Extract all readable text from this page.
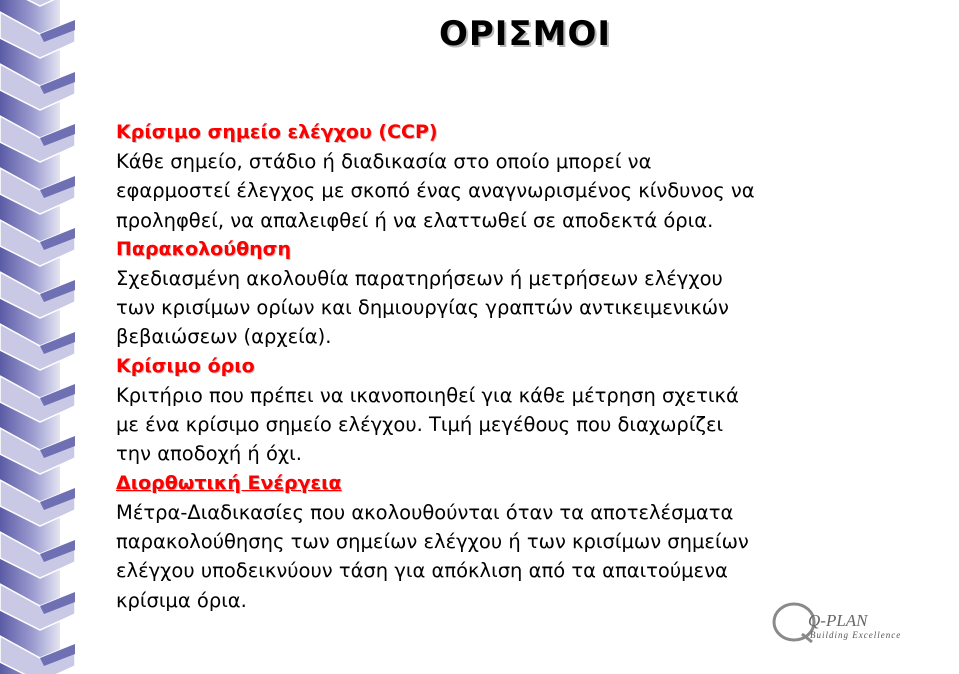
ΟΡΙΣΜΟΙ
Κρίσιμο σημείο ελέγχου (CCP)
Κάθε σημείο, στάδιο ή διαδικασία στο οποίο μπορεί να
εφαρμοστεί έλεγχος με σκοπό ένας αναγνωρισμένος κίνδυνος να
προληφθεί, να απαλειφθεί ή να ελαττωθεί σε αποδεκτά όρια.
Παρακολούθηση
Σχεδιασμένη ακολουθία παρατηρήσεων ή μετρήσεων ελέγχου
των κρισίμων ορίων και δημιουργίας γραπτών αντικειμενικών
βεβαιώσεων (αρχεία).
Κρίσιμο όριο
Κριτήριο που πρέπει να ικανοποιηθεί για κάθε μέτρηση σχετικά
με ένα κρίσιμο σημείο ελέγχου. Τιμή μεγέθους που διαχωρίζει
την αποδοχή ή όχι.
Διορθωτική Ενέργεια
Μέτρα-Διαδικασίες που ακολουθούνται όταν τα αποτελέσματα
παρακολούθησης των σημείων ελέγχου ή των κρισίμων σημείων
ελέγχου υποδεικνύουν τάση για απόκλιση από τα απαιτούμενα
κρίσιμα όρια.
Q-PLAN
Building Excellence
